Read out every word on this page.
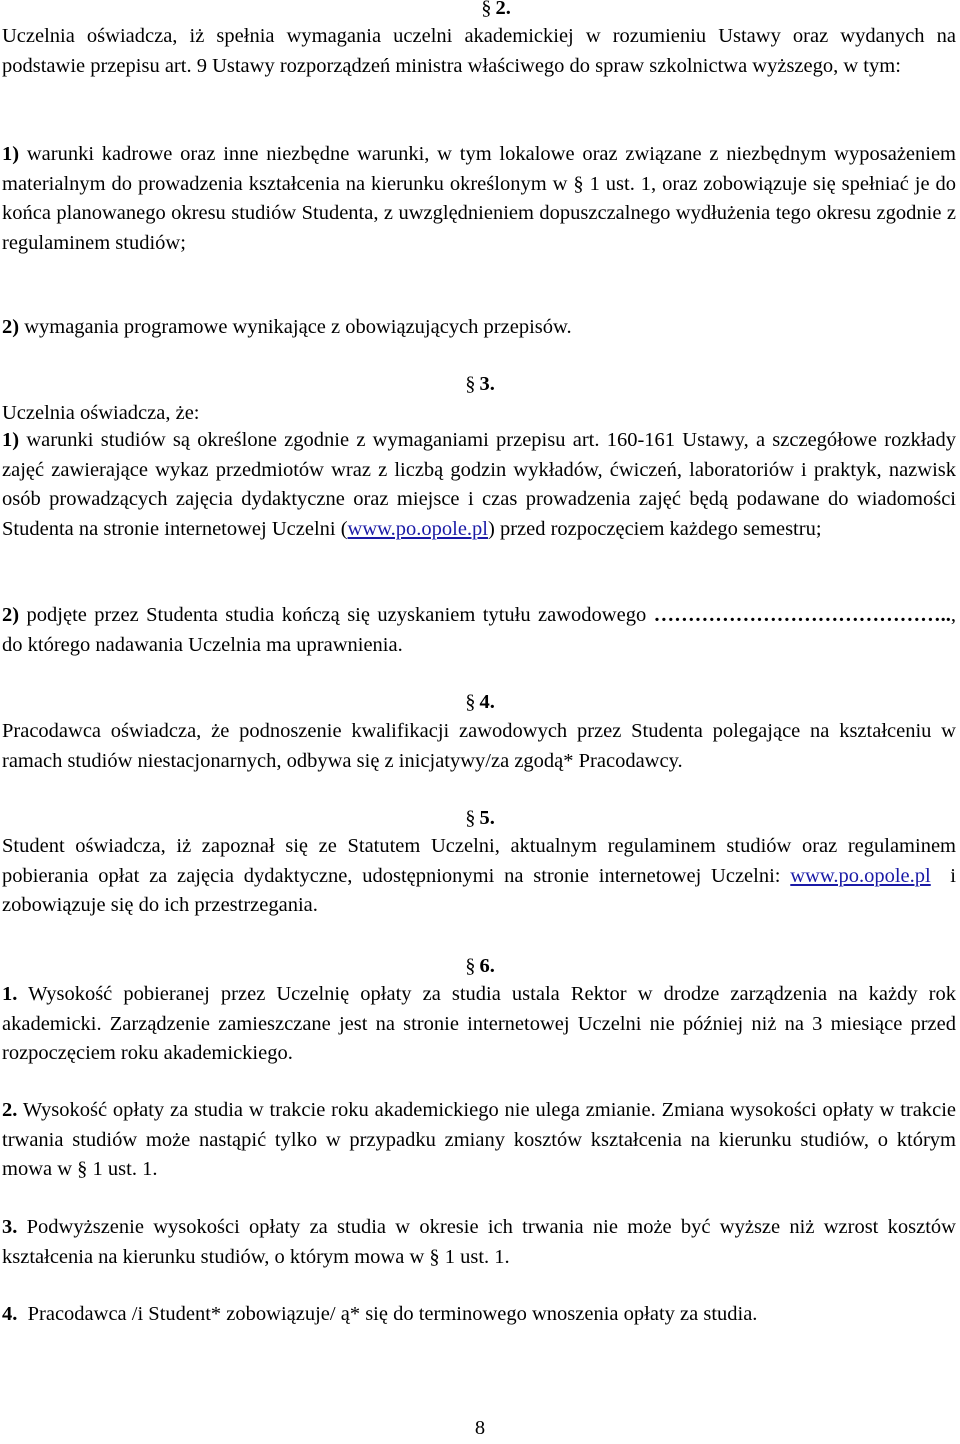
§ 2.

Uczelnia oświadcza, iż spełnia wymagania uczelni akademickiej w rozumieniu Ustawy oraz wydanych na podstawie przepisu art. 9 Ustawy rozporządzeń ministra właściwego do spraw szkolnictwa wyższego, w tym:

1) warunki kadrowe oraz inne niezbędne warunki, w tym lokalowe oraz związane z niezbędnym wyposażeniem materialnym do prowadzenia kształcenia na kierunku określonym w § 1 ust. 1, oraz zobowiązuje się spełniać je do końca planowanego okresu studiów Studenta, z uwzględnieniem dopuszczalnego wydłużenia tego okresu zgodnie z regulaminem studiów;

2) wymagania programowe wynikające z obowiązujących przepisów.

§ 3.

Uczelnia oświadcza, że:

1) warunki studiów są określone zgodnie z wymaganiami przepisu art. 160-161 Ustawy, a szczegółowe rozkłady zajęć zawierające wykaz przedmiotów wraz z liczbą godzin wykładów, ćwiczeń, laboratoriów i praktyk, nazwisk osób prowadzących zajęcia dydaktyczne oraz miejsce i czas prowadzenia zajęć będą podawane do wiadomości Studenta na stronie internetowej Uczelni (www.po.opole.pl) przed rozpoczęciem każdego semestru;

2) podjęte przez Studenta studia kończą się uzyskaniem tytułu zawodowego …………………………………….., do którego nadawania Uczelnia ma uprawnienia.

§ 4.

Pracodawca oświadcza, że podnoszenie kwalifikacji zawodowych przez Studenta polegające na kształceniu w ramach studiów niestacjonarnych, odbywa się z inicjatywy/za zgodą* Pracodawcy.

§ 5.

Student oświadcza, iż zapoznał się ze Statutem Uczelni, aktualnym regulaminem studiów oraz regulaminem pobierania opłat za zajęcia dydaktyczne, udostępnionymi na stronie internetowej Uczelni: www.po.opole.pl i zobowiązuje się do ich przestrzegania.

§ 6.

1. Wysokość pobieranej przez Uczelnię opłaty za studia ustala Rektor w drodze zarządzenia na każdy rok akademicki. Zarządzenie zamieszczane jest na stronie internetowej Uczelni nie później niż na 3 miesiące przed rozpoczęciem roku akademickiego.

2. Wysokość opłaty za studia w trakcie roku akademickiego nie ulega zmianie. Zmiana wysokości opłaty w trakcie trwania studiów może nastąpić tylko w przypadku zmiany kosztów kształcenia na kierunku studiów, o którym mowa w § 1 ust. 1.

3. Podwyższenie wysokości opłaty za studia w okresie ich trwania nie może być wyższe niż wzrost kosztów kształcenia na kierunku studiów, o którym mowa w § 1 ust. 1.

4. Pracodawca /i Student* zobowiązuje/ ą* się do terminowego wnoszenia opłaty za studia.

8
